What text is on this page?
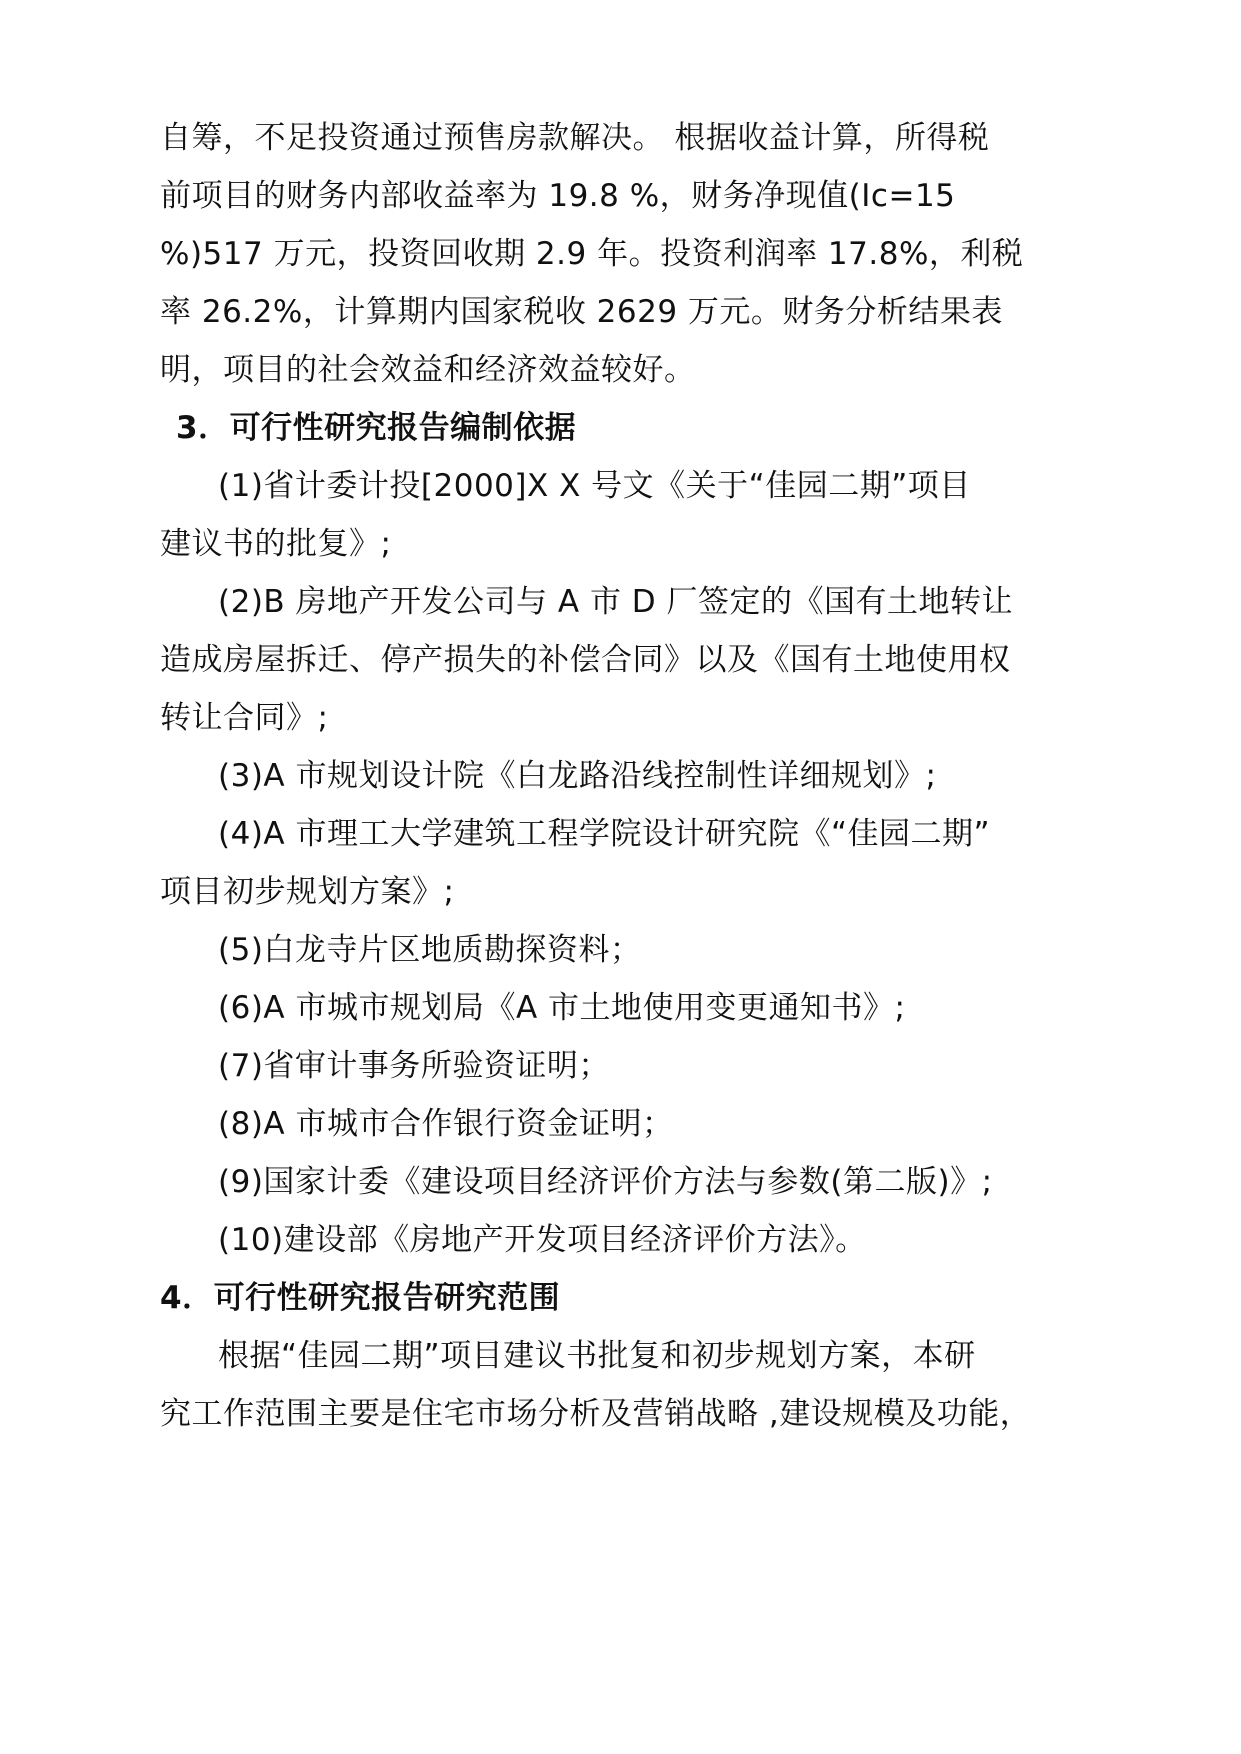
自筹，不足投资通过预售房款解决。 根据收益计算，所得税
前项目的财务内部收益率为 19.8 %，财务净现值(Ic=15
%)517 万元，投资回收期 2.9 年。投资利润率 17.8%，利税
率 26.2%，计算期内国家税收 2629 万元。财务分析结果表
明，项目的社会效益和经济效益较好。
3．可行性研究报告编制依据
(1)省计委计投[2000]X X 号文《关于“佳园二期”项目
建议书的批复》;
(2)B 房地产开发公司与 A 市 D 厂签定的《国有土地转让
造成房屋拆迁、停产损失的补偿合同》以及《国有土地使用权
转让合同》;
(3)A 市规划设计院《白龙路沿线控制性详细规划》;
(4)A 市理工大学建筑工程学院设计研究院《“佳园二期”
项目初步规划方案》;
(5)白龙寺片区地质勘探资料；
(6)A 市城市规划局《A 市土地使用变更通知书》;
(7)省审计事务所验资证明；
(8)A 市城市合作银行资金证明；
(9)国家计委《建设项目经济评价方法与参数(第二版)》;
(10)建设部《房地产开发项目经济评价方法》。
4．可行性研究报告研究范围
根据“佳园二期”项目建议书批复和初步规划方案，本研
究工作范围主要是住宅市场分析及营销战略 ,建设规模及功能，
